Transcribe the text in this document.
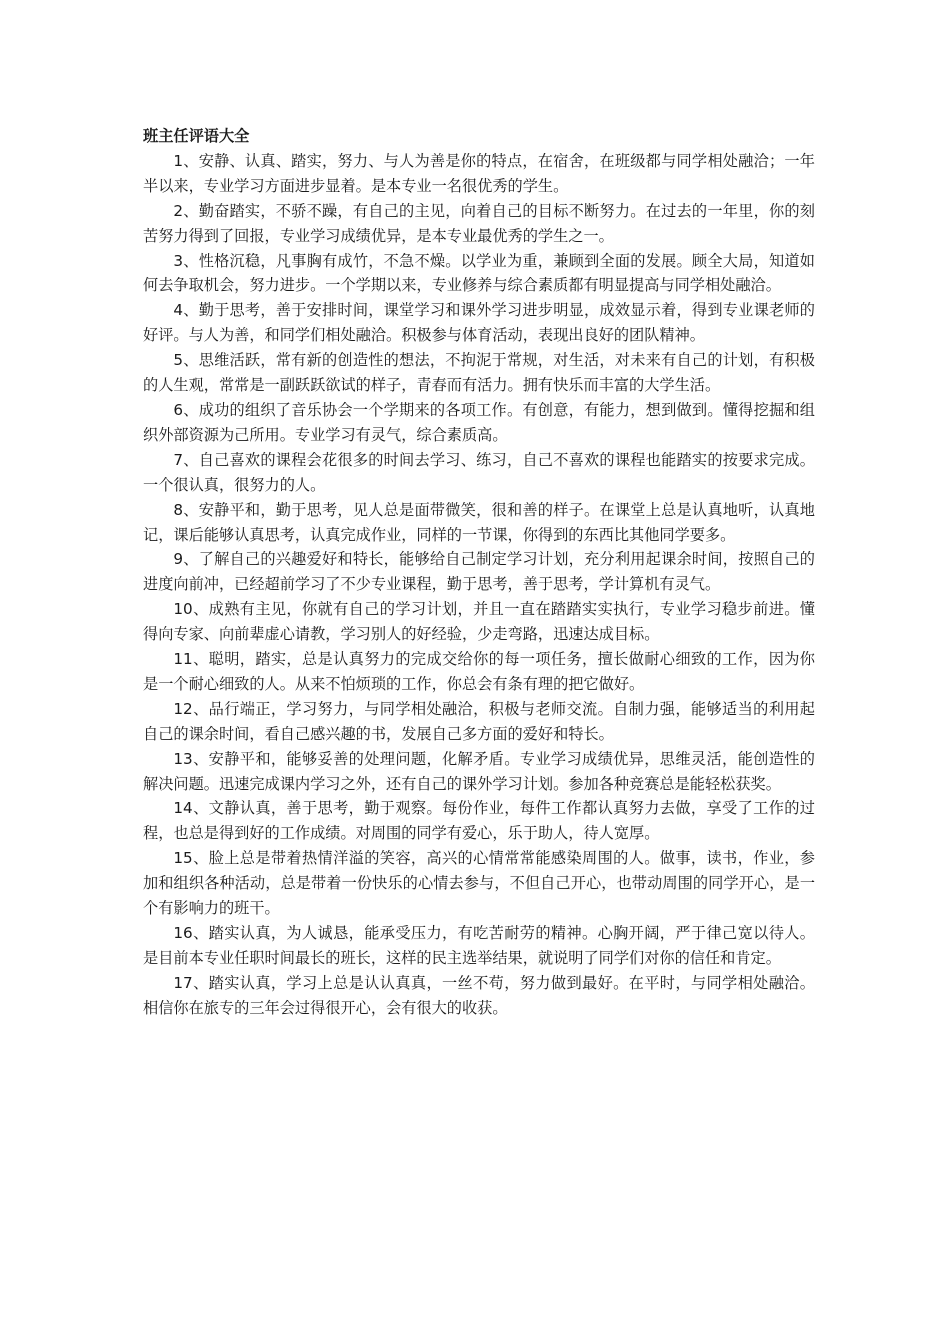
班主任评语大全

1、安静、认真、踏实，努力、与人为善是你的特点，在宿舍，在班级都与同学相处融洽；一年半以来，专业学习方面进步显着。是本专业一名很优秀的学生。

2、勤奋踏实，不骄不躁，有自己的主见，向着自己的目标不断努力。在过去的一年里，你的刻苦努力得到了回报，专业学习成绩优异，是本专业最优秀的学生之一。

3、性格沉稳，凡事胸有成竹，不急不燥。以学业为重，兼顾到全面的发展。顾全大局，知道如何去争取机会，努力进步。一个学期以来，专业修养与综合素质都有明显提高与同学相处融洽。

4、勤于思考，善于安排时间，课堂学习和课外学习进步明显，成效显示着，得到专业课老师的好评。与人为善，和同学们相处融洽。积极参与体育活动，表现出良好的团队精神。

5、思维活跃，常有新的创造性的想法，不拘泥于常规，对生活，对未来有自己的计划，有积极的人生观，常常是一副跃跃欲试的样子，青春而有活力。拥有快乐而丰富的大学生活。

6、成功的组织了音乐协会一个学期来的各项工作。有创意，有能力，想到做到。懂得挖掘和组织外部资源为己所用。专业学习有灵气，综合素质高。

7、自己喜欢的课程会花很多的时间去学习、练习，自己不喜欢的课程也能踏实的按要求完成。一个很认真，很努力的人。

8、安静平和，勤于思考，见人总是面带微笑，很和善的样子。在课堂上总是认真地听，认真地记，课后能够认真思考，认真完成作业，同样的一节课，你得到的东西比其他同学要多。

9、了解自己的兴趣爱好和特长，能够给自己制定学习计划，充分利用起课余时间，按照自己的进度向前冲，已经超前学习了不少专业课程，勤于思考，善于思考，学计算机有灵气。

10、成熟有主见，你就有自己的学习计划，并且一直在踏踏实实执行，专业学习稳步前进。懂得向专家、向前辈虚心请教，学习别人的好经验，少走弯路，迅速达成目标。

11、聪明，踏实，总是认真努力的完成交给你的每一项任务，擅长做耐心细致的工作，因为你是一个耐心细致的人。从来不怕烦琐的工作，你总会有条有理的把它做好。

12、品行端正，学习努力，与同学相处融洽，积极与老师交流。自制力强，能够适当的利用起自己的课余时间，看自己感兴趣的书，发展自己多方面的爱好和特长。

13、安静平和，能够妥善的处理问题，化解矛盾。专业学习成绩优异，思维灵活，能创造性的解决问题。迅速完成课内学习之外，还有自己的课外学习计划。参加各种竞赛总是能轻松获奖。

14、文静认真，善于思考，勤于观察。每份作业，每件工作都认真努力去做，享受了工作的过程，也总是得到好的工作成绩。对周围的同学有爱心，乐于助人，待人宽厚。

15、脸上总是带着热情洋溢的笑容，高兴的心情常常能感染周围的人。做事，读书，作业，参加和组织各种活动，总是带着一份快乐的心情去参与，不但自己开心，也带动周围的同学开心，是一个有影响力的班干。

16、踏实认真，为人诚恳，能承受压力，有吃苦耐劳的精神。心胸开阔，严于律己宽以待人。是目前本专业任职时间最长的班长，这样的民主选举结果，就说明了同学们对你的信任和肯定。

17、踏实认真，学习上总是认认真真，一丝不苟，努力做到最好。在平时，与同学相处融洽。相信你在旅专的三年会过得很开心，会有很大的收获。
